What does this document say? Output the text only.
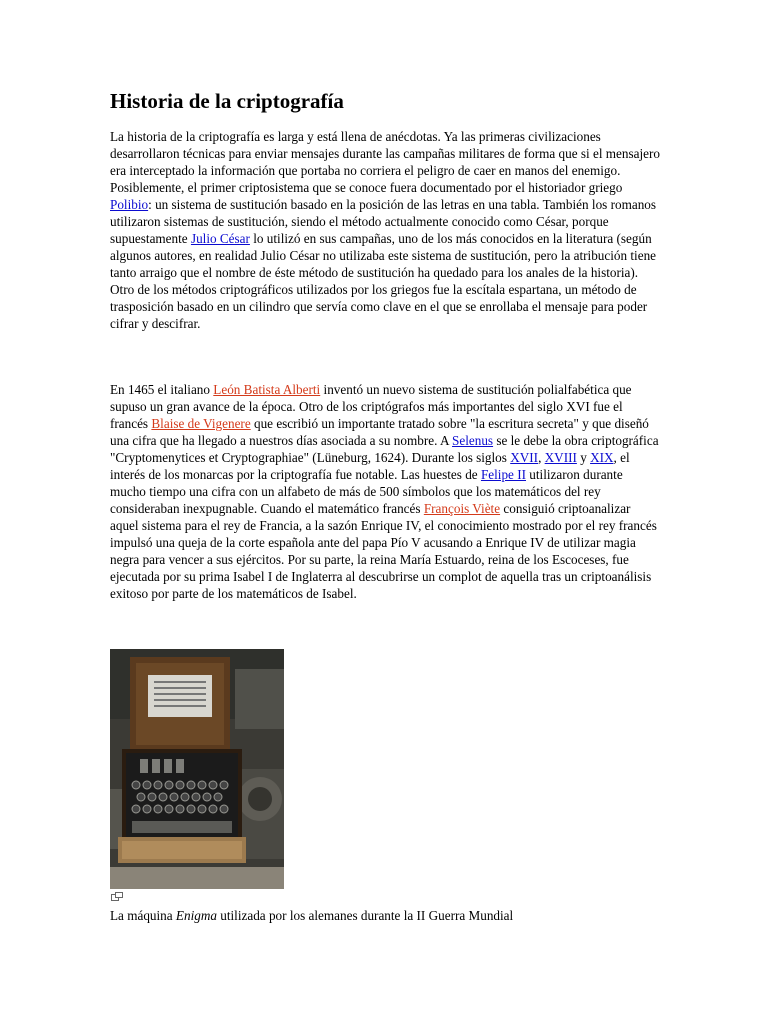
Historia de la criptografía

La historia de la criptografía es larga y está llena de anécdotas. Ya las primeras civilizaciones desarrollaron técnicas para enviar mensajes durante las campañas militares de forma que si el mensajero era interceptado la información que portaba no corriera el peligro de caer en manos del enemigo. Posiblemente, el primer criptosistema que se conoce fuera documentado por el historiador griego Polibio: un sistema de sustitución basado en la posición de las letras en una tabla. También los romanos utilizaron sistemas de sustitución, siendo el método actualmente conocido como César, porque supuestamente Julio César lo utilizó en sus campañas, uno de los más conocidos en la literatura (según algunos autores, en realidad Julio César no utilizaba este sistema de sustitución, pero la atribución tiene tanto arraigo que el nombre de éste método de sustitución ha quedado para los anales de la historia). Otro de los métodos criptográficos utilizados por los griegos fue la escítala espartana, un método de trasposición basado en un cilindro que servía como clave en el que se enrollaba el mensaje para poder cifrar y descifrar.

En 1465 el italiano León Batista Alberti inventó un nuevo sistema de sustitución polialfabética que supuso un gran avance de la época. Otro de los criptógrafos más importantes del siglo XVI fue el francés Blaise de Vigenere que escribió un importante tratado sobre "la escritura secreta" y que diseñó una cifra que ha llegado a nuestros días asociada a su nombre. A Selenus se le debe la obra criptográfica "Cryptomenytices et Cryptographiae" (Lüneburg, 1624). Durante los siglos XVII, XVIII y XIX, el interés de los monarcas por la criptografía fue notable. Las huestes de Felipe II utilizaron durante mucho tiempo una cifra con un alfabeto de más de 500 símbolos que los matemáticos del rey consideraban inexpugnable. Cuando el matemático francés François Viète consiguió criptoanalizar aquel sistema para el rey de Francia, a la sazón Enrique IV, el conocimiento mostrado por el rey francés impulsó una queja de la corte española ante del papa Pío V acusando a Enrique IV de utilizar magia negra para vencer a sus ejércitos. Por su parte, la reina María Estuardo, reina de los Escoceses, fue ejecutada por su prima Isabel I de Inglaterra al descubrirse un complot de aquella tras un criptoanálisis exitoso por parte de los matemáticos de Isabel.

La máquina Enigma utilizada por los alemanes durante la II Guerra Mundial
